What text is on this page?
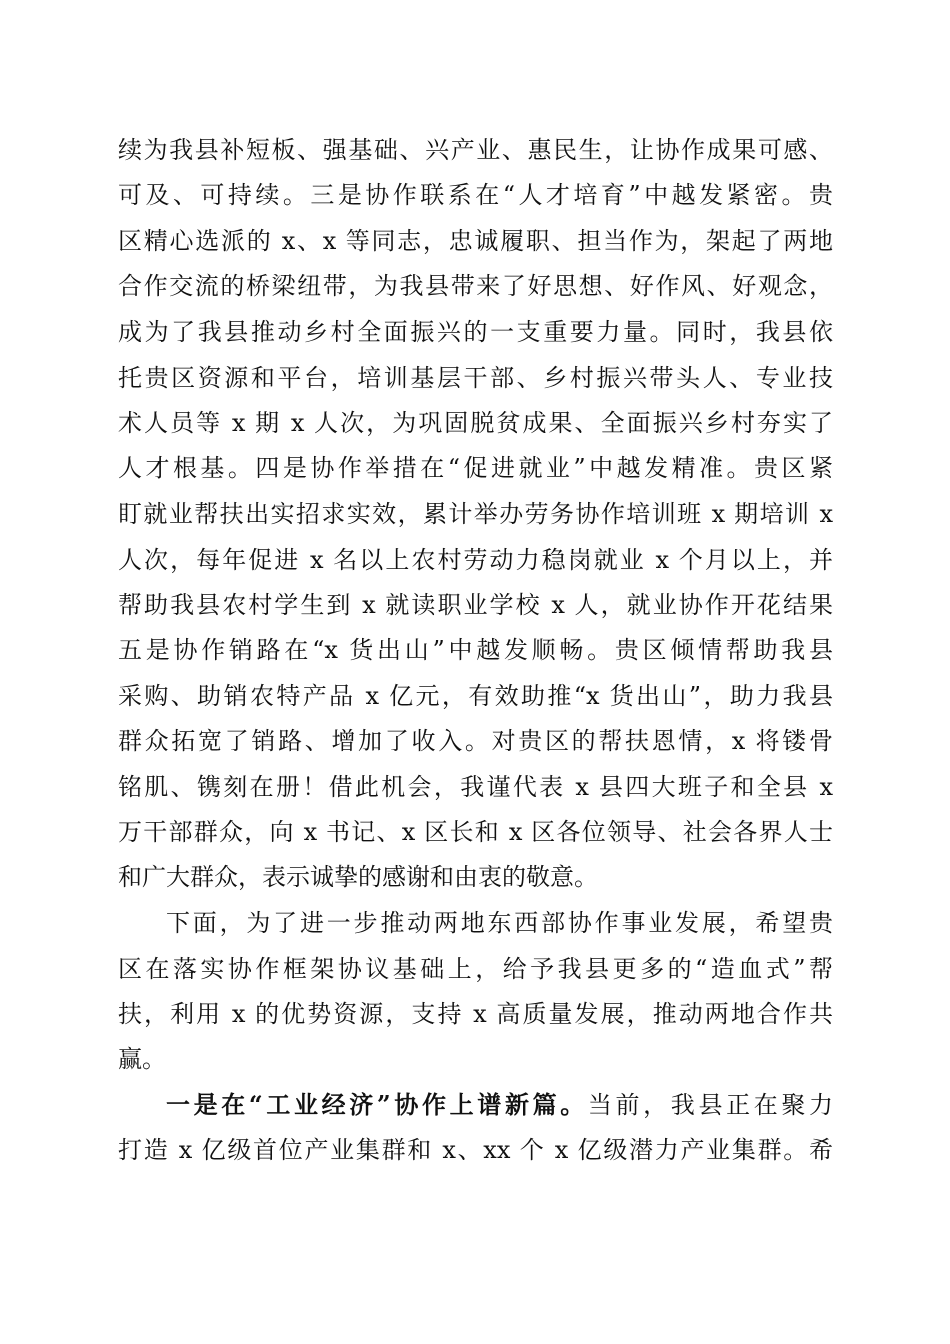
续为我县补短板、强基础、兴产业、惠民生，让协作成果可感、
可及、可持续。三是协作联系在“人才培育”中越发紧密。贵
区精心选派的 x、x 等同志，忠诚履职、担当作为，架起了两地
合作交流的桥梁纽带，为我县带来了好思想、好作风、好观念，
成为了我县推动乡村全面振兴的一支重要力量。同时，我县依
托贵区资源和平台，培训基层干部、乡村振兴带头人、专业技
术人员等 x 期 x 人次，为巩固脱贫成果、全面振兴乡村夯实了
人才根基。四是协作举措在“促进就业”中越发精准。贵区紧
盯就业帮扶出实招求实效，累计举办劳务协作培训班 x 期培训 x
人次，每年促进 x 名以上农村劳动力稳岗就业 x 个月以上，并
帮助我县农村学生到 x 就读职业学校 x 人，就业协作开花结果
五是协作销路在“x 货出山”中越发顺畅。贵区倾情帮助我县
采购、助销农特产品 x 亿元，有效助推“x 货出山”，助力我县
群众拓宽了销路、增加了收入。对贵区的帮扶恩情，x 将镂骨
铭肌、镌刻在册！借此机会，我谨代表 x 县四大班子和全县 x
万干部群众，向 x 书记、x 区长和 x 区各位领导、社会各界人士
和广大群众，表示诚挚的感谢和由衷的敬意。
下面，为了进一步推动两地东西部协作事业发展，希望贵
区在落实协作框架协议基础上，给予我县更多的“造血式”帮
扶，利用 x 的优势资源，支持 x 高质量发展，推动两地合作共
赢。
一是在“工业经济”协作上谱新篇。当前，我县正在聚力
打造 x 亿级首位产业集群和 x、xx 个 x 亿级潜力产业集群。希
